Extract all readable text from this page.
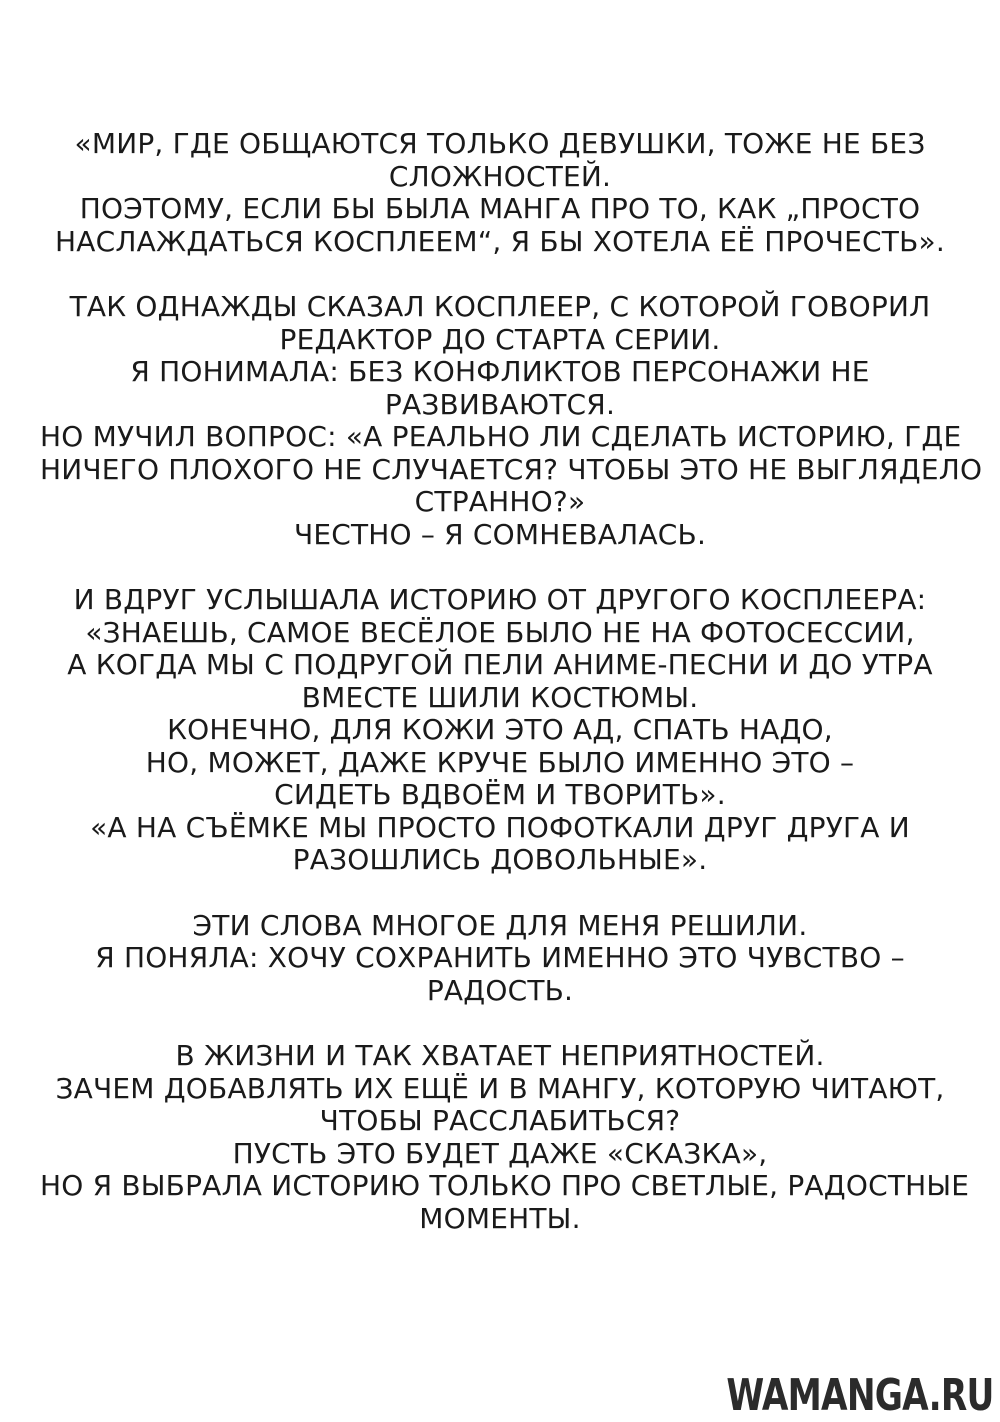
«МИР, ГДЕ ОБЩАЮТСЯ ТОЛЬКО ДЕВУШКИ, ТОЖЕ НЕ БЕЗ
СЛОЖНОСТЕЙ.
ПОЭТОМУ, ЕСЛИ БЫ БЫЛА МАНГА ПРО ТО, КАК „ПРОСТО
НАСЛАЖДАТЬСЯ КОСПЛЕЕМ“, Я БЫ ХОТЕЛА ЕЁ ПРОЧЕСТЬ».
ТАК ОДНАЖДЫ СКАЗАЛ КОСПЛЕЕР, С КОТОРОЙ ГОВОРИЛ
РЕДАКТОР ДО СТАРТА СЕРИИ.
Я ПОНИМАЛА: БЕЗ КОНФЛИКТОВ ПЕРСОНАЖИ НЕ
РАЗВИВАЮТСЯ.
НО МУЧИЛ ВОПРОС: «А РЕАЛЬНО ЛИ СДЕЛАТЬ ИСТОРИЮ, ГДЕ
НИЧЕГО ПЛОХОГО НЕ СЛУЧАЕТСЯ? ЧТОБЫ ЭТО НЕ ВЫГЛЯДЕЛО
СТРАННО?»
ЧЕСТНО – Я СОМНЕВАЛАСЬ.
И ВДРУГ УСЛЫШАЛА ИСТОРИЮ ОТ ДРУГОГО КОСПЛЕЕРА:
«ЗНАЕШЬ, САМОЕ ВЕСЁЛОЕ БЫЛО НЕ НА ФОТОСЕССИИ,
А КОГДА МЫ С ПОДРУГОЙ ПЕЛИ АНИМЕ-ПЕСНИ И ДО УТРА
ВМЕСТЕ ШИЛИ КОСТЮМЫ.
КОНЕЧНО, ДЛЯ КОЖИ ЭТО АД, СПАТЬ НАДО,
НО, МОЖЕТ, ДАЖЕ КРУЧЕ БЫЛО ИМЕННО ЭТО –
СИДЕТЬ ВДВОЁМ И ТВОРИТЬ».
«А НА СЪЁМКЕ МЫ ПРОСТО ПОФОТКАЛИ ДРУГ ДРУГА И
РАЗОШЛИСЬ ДОВОЛЬНЫЕ».
ЭТИ СЛОВА МНОГОЕ ДЛЯ МЕНЯ РЕШИЛИ.
Я ПОНЯЛА: ХОЧУ СОХРАНИТЬ ИМЕННО ЭТО ЧУВСТВО –
РАДОСТЬ.
В ЖИЗНИ И ТАК ХВАТАЕТ НЕПРИЯТНОСТЕЙ.
ЗАЧЕМ ДОБАВЛЯТЬ ИХ ЕЩЁ И В МАНГУ, КОТОРУЮ ЧИТАЮТ,
ЧТОБЫ РАССЛАБИТЬСЯ?
ПУСТЬ ЭТО БУДЕТ ДАЖЕ «СКАЗКА»,
НО Я ВЫБРАЛА ИСТОРИЮ ТОЛЬКО ПРО СВЕТЛЫЕ, РАДОСТНЫЕ
МОМЕНТЫ.
WAMANGA.RU
